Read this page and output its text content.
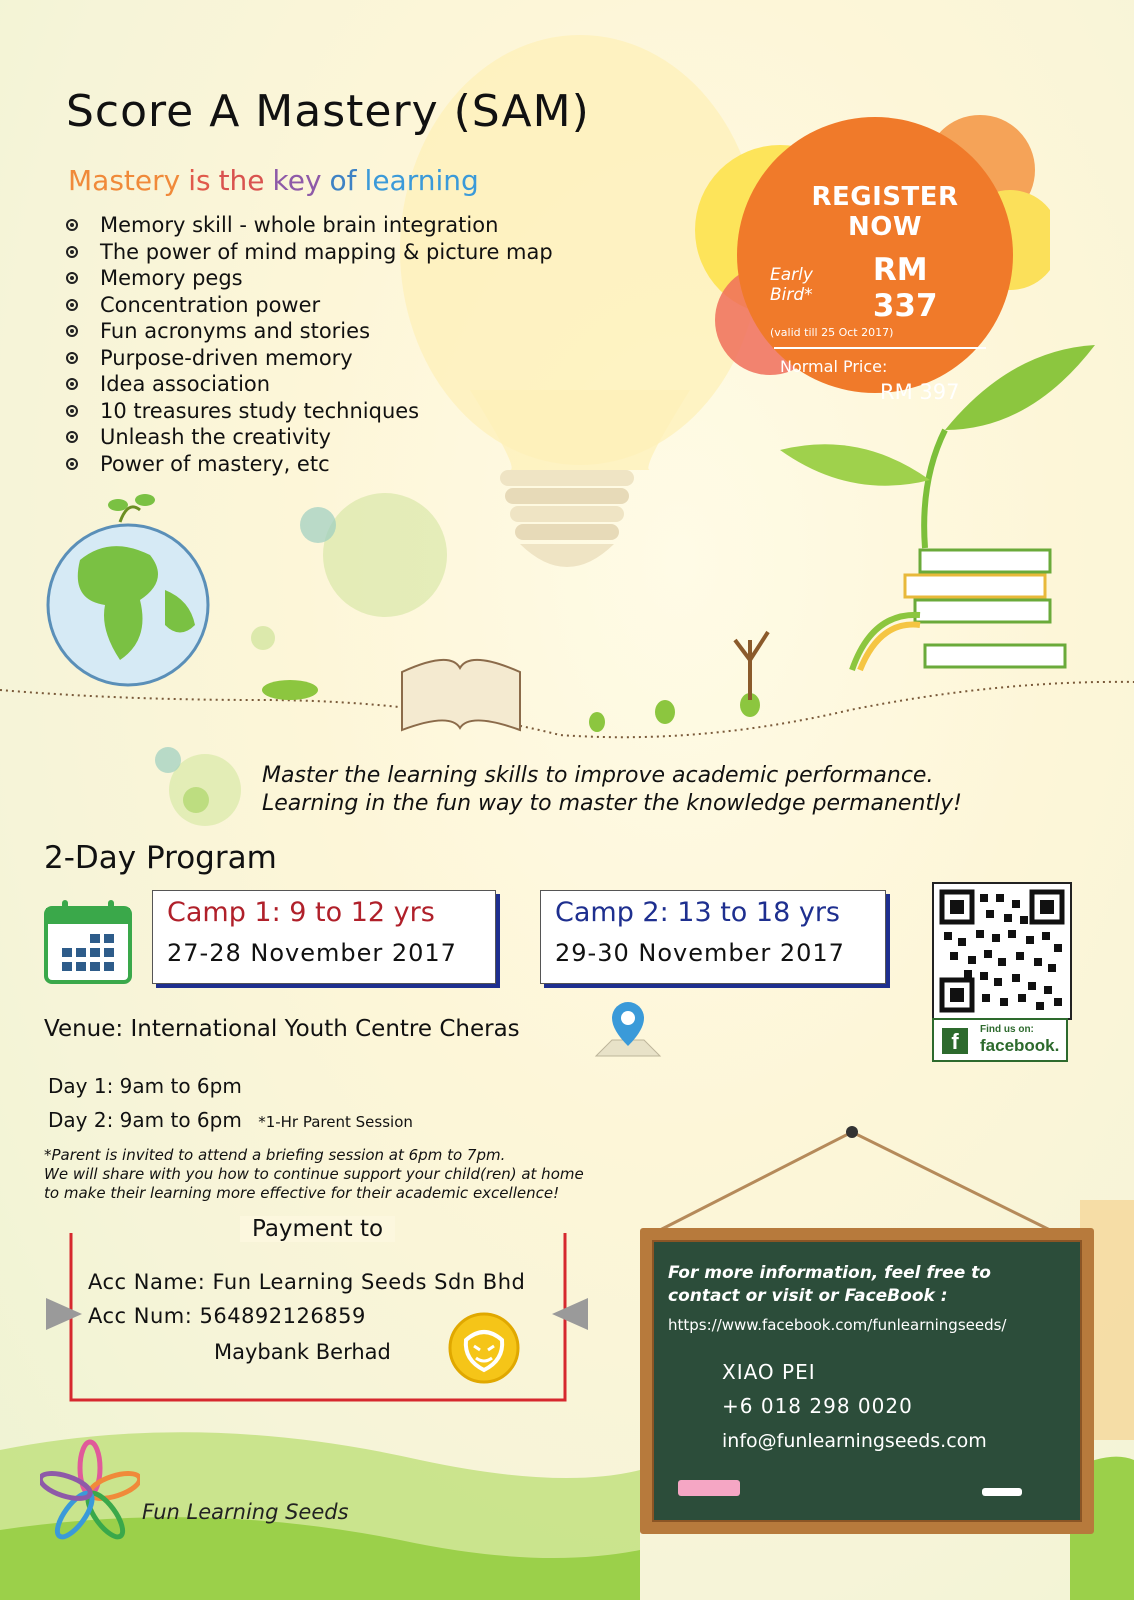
REGISTER NOW
Early Bird*
RM 337
(valid till 25 Oct 2017)
Normal Price:
RM 397
Score A Mastery (SAM)
Mastery is the key of learning
Memory skill - whole brain integration
The power of mind mapping & picture map
Memory pegs
Concentration power
Fun acronyms and stories
Purpose-driven memory
Idea association
10 treasures study techniques
Unleash the creativity
Power of mastery, etc
Master the learning skills to improve academic performance.
Learning in the fun way to master the knowledge permanently!
2-Day Program
Camp 1: 9 to 12 yrs
27-28 November 2017
Camp 2: 13 to 18 yrs
29-30 November 2017
f	Find us on:
facebook.
Venue: International Youth Centre Cheras
Day 1: 9am to 6pm
Day 2: 9am to 6pm *1-Hr Parent Session
*Parent is invited to attend a briefing session at 6pm to 7pm.
We will share with you how to continue support your child(ren) at home
to make their learning more effective for their academic excellence!
Payment to
Acc Name: Fun Learning Seeds Sdn Bhd
Acc Num: 564892126859
Maybank Berhad
For more information, feel free to
contact or visit or FaceBook :
https://www.facebook.com/funlearningseeds/
XIAO PEI
+6 018 298 0020
info@funlearningseeds.com
Fun Learning Seeds
